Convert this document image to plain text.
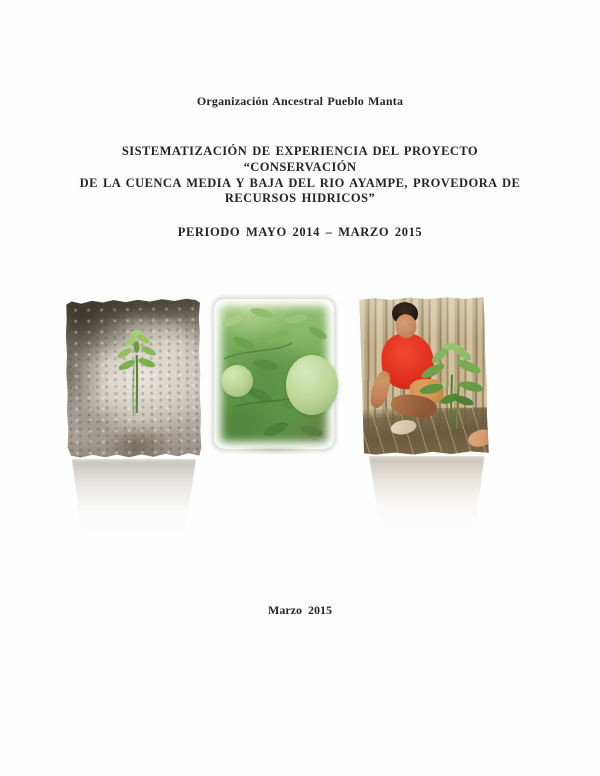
Organización Ancestral Pueblo Manta
SISTEMATIZACIÓN DE EXPERIENCIA DEL PROYECTO “CONSERVACIÓN
DE LA CUENCA MEDIA Y BAJA DEL RIO AYAMPE, PROVEDORA DE
RECURSOS HIDRICOS”
PERIODO MAYO 2014 – MARZO 2015
Marzo  2015
